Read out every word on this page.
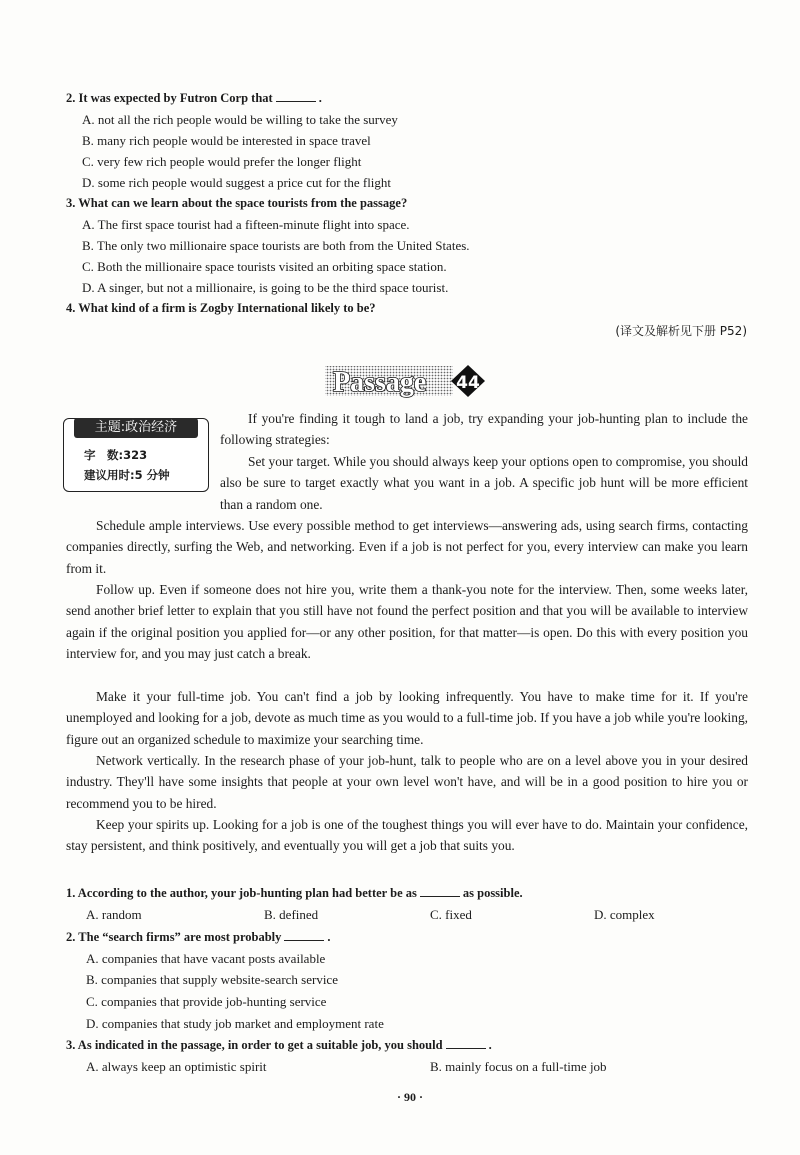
2. It was expected by Futron Corp that	.
A. not all the rich people would be willing to take the survey
B. many rich people would be interested in space travel
C. very few rich people would prefer the longer flight
D. some rich people would suggest a price cut for the flight
3. What can we learn about the space tourists from the passage?
A. The first space tourist had a fifteen-minute flight into space.
B. The only two millionaire space tourists are both from the United States.
C. Both the millionaire space tourists visited an orbiting space station.
D. A singer, but not a millionaire, is going to be the third space tourist.
4. What kind of a firm is Zogby International likely to be?
(译文及解析见下册 P52)
Passage 44
主题:政治经济
字　数:323
建议用时:5 分钟
If you're finding it tough to land a job, try expanding your job-hunting plan to include the following strategies:
Set your target. While you should always keep your options open to compromise, you should also be sure to target exactly what you want in a job. A specific job hunt will be more efficient than a random one.
Schedule ample interviews. Use every possible method to get interviews—answering ads, using search firms, contacting companies directly, surfing the Web, and networking. Even if a job is not perfect for you, every interview can make you learn from it.
Follow up. Even if someone does not hire you, write them a thank-you note for the interview. Then, some weeks later, send another brief letter to explain that you still have not found the perfect position and that you will be available to interview again if the original position you applied for—or any other position, for that matter—is open. Do this with every position you interview for, and you may just catch a break.
Make it your full-time job. You can't find a job by looking infrequently. You have to make time for it. If you're unemployed and looking for a job, devote as much time as you would to a full-time job. If you have a job while you're looking, figure out an organized schedule to maximize your searching time.
Network vertically. In the research phase of your job-hunt, talk to people who are on a level above you in your desired industry. They'll have some insights that people at your own level won't have, and will be in a good position to hire you or recommend you to be hired.
Keep your spirits up. Looking for a job is one of the toughest things you will ever have to do. Maintain your confidence, stay persistent, and think positively, and eventually you will get a job that suits you.
1. According to the author, your job-hunting plan had better be as	as possible.
A. random	B. defined	C. fixed	D. complex
2. The “search firms” are most probably	.
A. companies that have vacant posts available
B. companies that supply website-search service
C. companies that provide job-hunting service
D. companies that study job market and employment rate
3. As indicated in the passage, in order to get a suitable job, you should	.
A. always keep an optimistic spirit	B. mainly focus on a full-time job
· 90 ·
